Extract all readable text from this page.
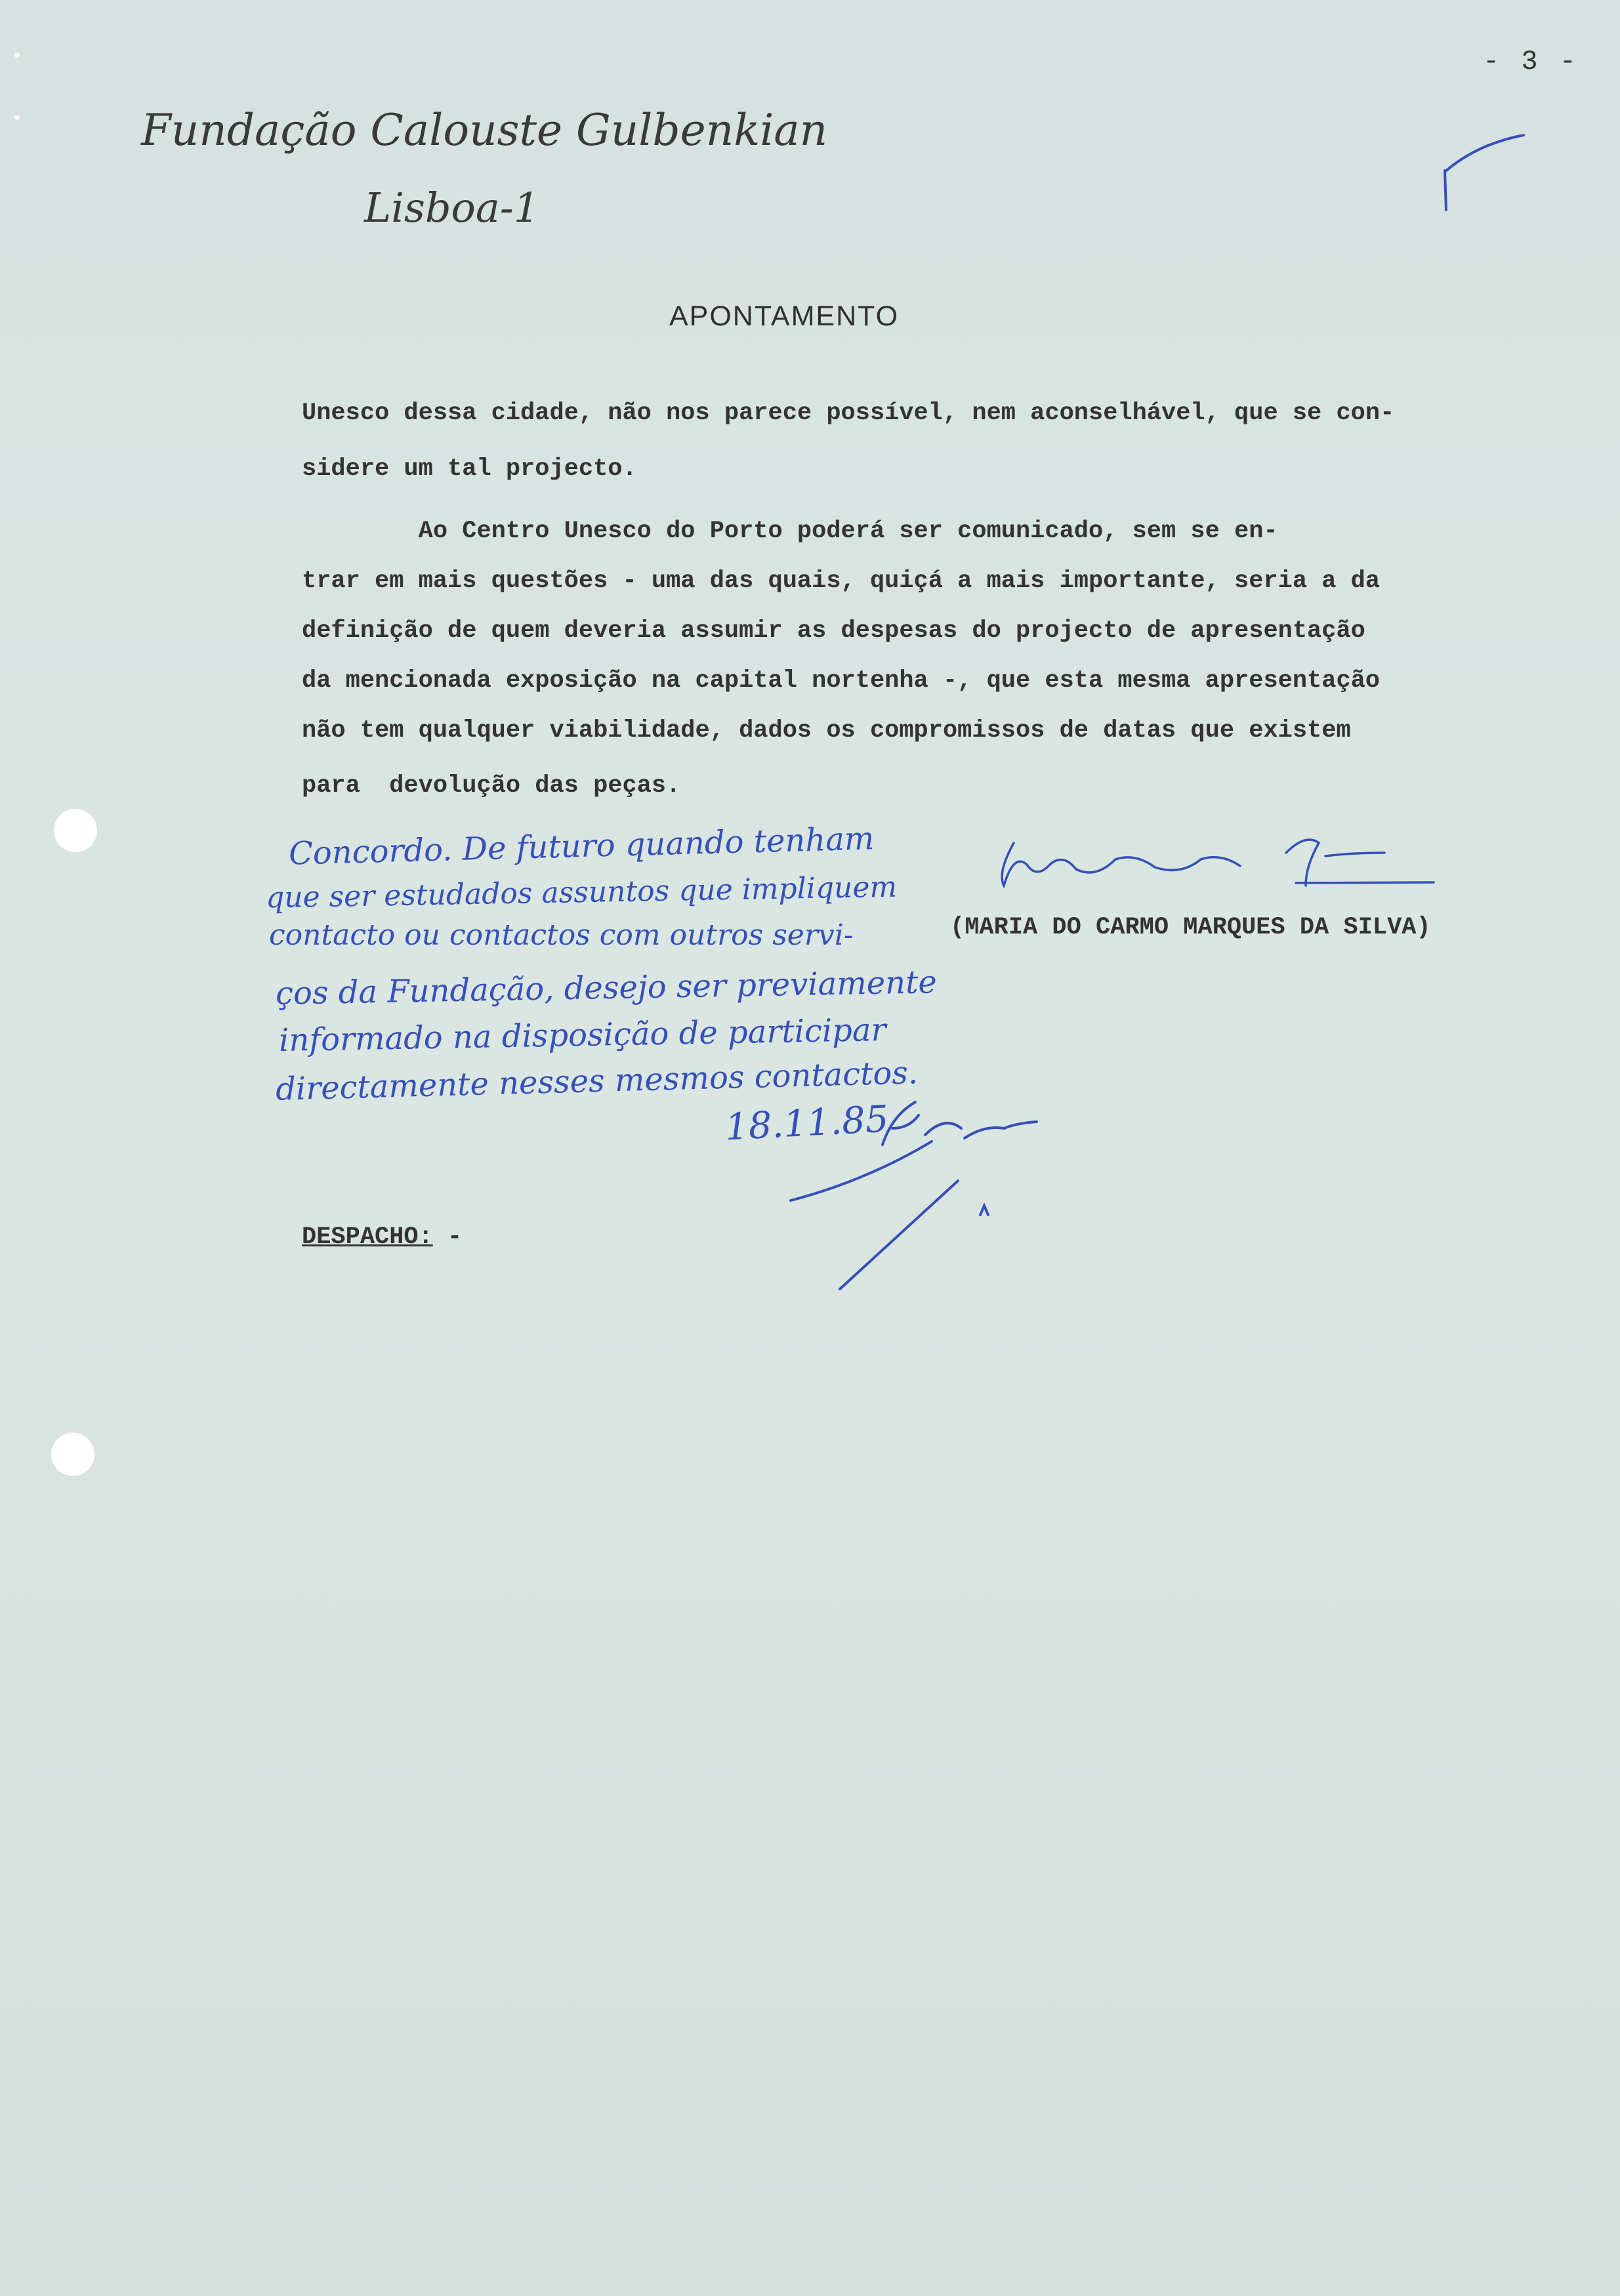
- 3 -
Fundação Calouste Gulbenkian
Lisboa-1
APONTAMENTO
Unesco dessa cidade, não nos parece possível, nem aconselhável, que se con-
sidere um tal projecto.
Ao Centro Unesco do Porto poderá ser comunicado, sem se en-
trar em mais questões - uma das quais, quiçá a mais importante, seria a da
definição de quem deveria assumir as despesas do projecto de apresentação
da mencionada exposição na capital nortenha -, que esta mesma apresentação
não tem qualquer viabilidade, dados os compromissos de datas que existem
para  devolução das peças.
(MARIA DO CARMO MARQUES DA SILVA)
DESPACHO: -
Concordo. De futuro quando tenham
que ser estudados assuntos que impliquem
contacto ou contactos com outros servi-
ços da Fundação, desejo ser previamente
informado na disposição de participar
directamente nesses mesmos contactos.
18.11.85
